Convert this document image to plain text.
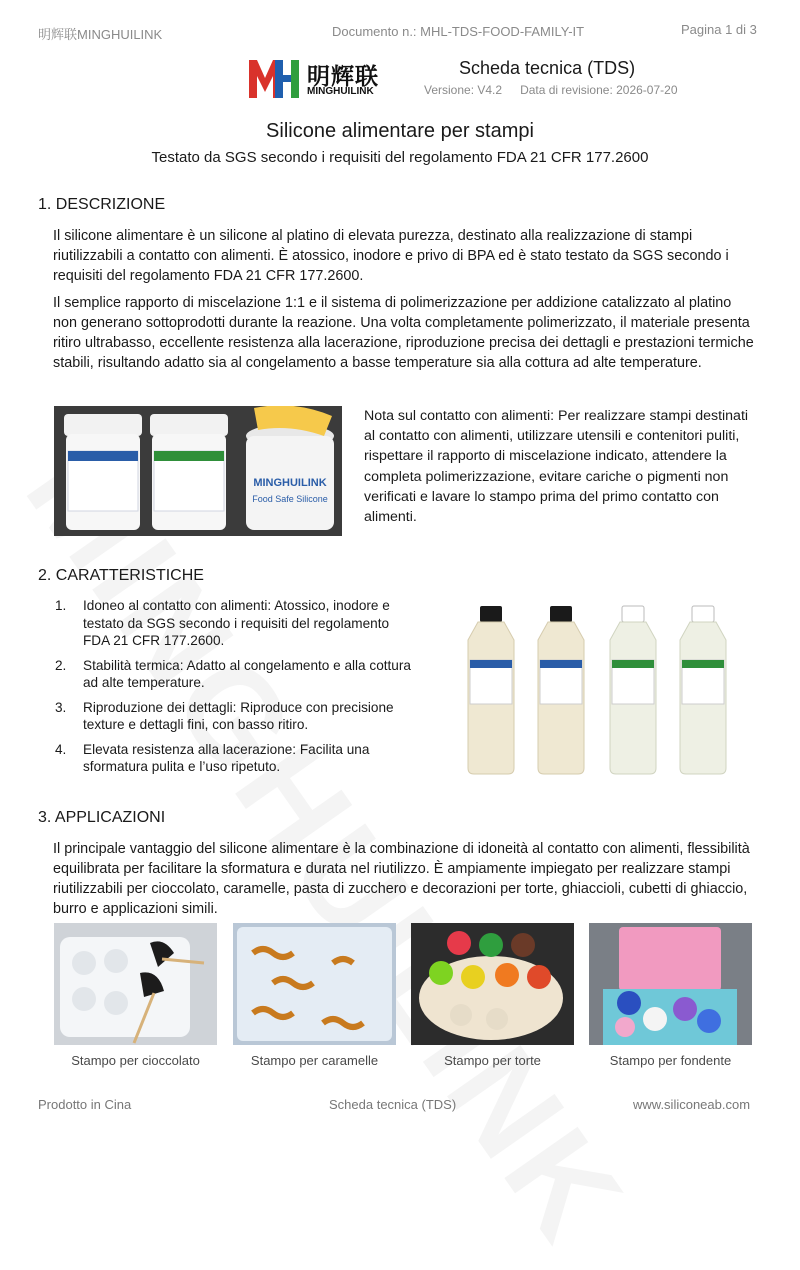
明辉联MINGHUILINK	Documento n.: MHL-TDS-FOOD-FAMILY-IT	Pagina 1 di 3
明辉联
MINGHUILINK
Scheda tecnica (TDS)
Versione: V4.2 Data di revisione: 2026-07-20
Silicone alimentare per stampi
Testato da SGS secondo i requisiti del regolamento FDA 21 CFR 177.2600
1. DESCRIZIONE
Il silicone alimentare è un silicone al platino di elevata purezza, destinato alla realizzazione di stampi riutilizzabili a contatto con alimenti. È atossico, inodore e privo di BPA ed è stato testato da SGS secondo i requisiti del regolamento FDA 21 CFR 177.2600.
Il semplice rapporto di miscelazione 1:1 e il sistema di polimerizzazione per addizione catalizzato al platino non generano sottoprodotti durante la reazione. Una volta completamente polimerizzato, il materiale presenta ritiro ultrabasso, eccellente resistenza alla lacerazione, riproduzione precisa dei dettagli e prestazioni termiche stabili, risultando adatto sia al congelamento a basse temperature sia alla cottura ad alte temperature.
MINGHUILINK
Food Safe Silicone
Nota sul contatto con alimenti: Per realizzare stampi destinati al contatto con alimenti, utilizzare utensili e contenitori puliti, rispettare il rapporto di miscelazione indicato, attendere la completa polimerizzazione, evitare cariche o pigmenti non verificati e lavare lo stampo prima del primo contatto con alimenti.
2. CARATTERISTICHE
1. Idoneo al contatto con alimenti: Atossico, inodore e testato da SGS secondo i requisiti del regolamento FDA 21 CFR 177.2600.
2. Stabilità termica: Adatto al congelamento e alla cottura ad alte temperature.
3. Riproduzione dei dettagli: Riproduce con precisione texture e dettagli fini, con basso ritiro.
4. Elevata resistenza alla lacerazione: Facilita una sformatura pulita e l’uso ripetuto.
3. APPLICAZIONI
Il principale vantaggio del silicone alimentare è la combinazione di idoneità al contatto con alimenti, flessibilità equilibrata per facilitare la sformatura e durata nel riutilizzo. È ampiamente impiegato per realizzare stampi riutilizzabili per cioccolato, caramelle, pasta di zucchero e decorazioni per torte, ghiaccioli, cubetti di ghiaccio, burro e applicazioni simili.
Stampo per cioccolato	Stampo per caramelle	Stampo per torte	Stampo per fondente
Prodotto in Cina	Scheda tecnica (TDS)	www.siliconeab.com
